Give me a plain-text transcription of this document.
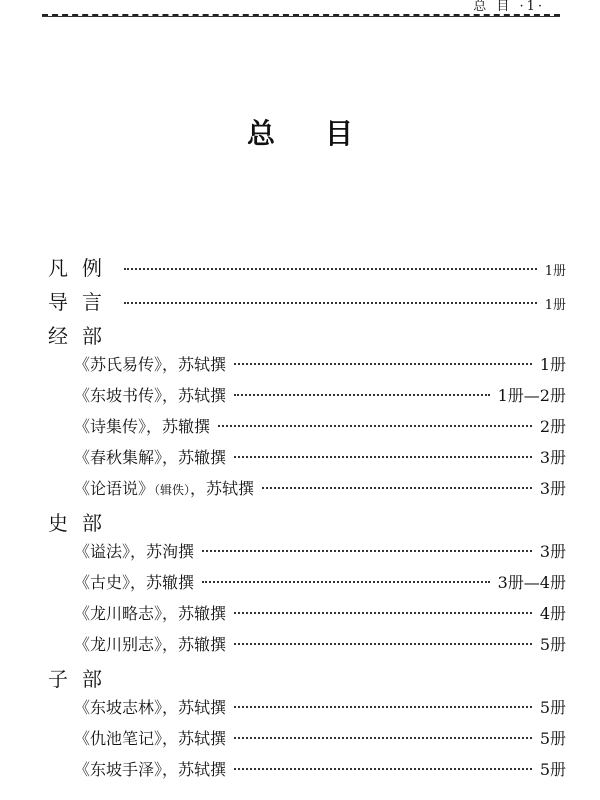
总 目 ·1·
总目
凡例	1册
导言	1册
经部
《苏氏易传》，苏轼撰	1册
《东坡书传》，苏轼撰	1册—2册
《诗集传》，苏辙撰	2册
《春秋集解》，苏辙撰	3册
《论语说》（辑佚），苏轼撰	3册
史部
《谥法》，苏洵撰	3册
《古史》，苏辙撰	3册—4册
《龙川略志》，苏辙撰	4册
《龙川别志》，苏辙撰	5册
子部
《东坡志林》，苏轼撰	5册
《仇池笔记》，苏轼撰	5册
《东坡手泽》，苏轼撰	5册
